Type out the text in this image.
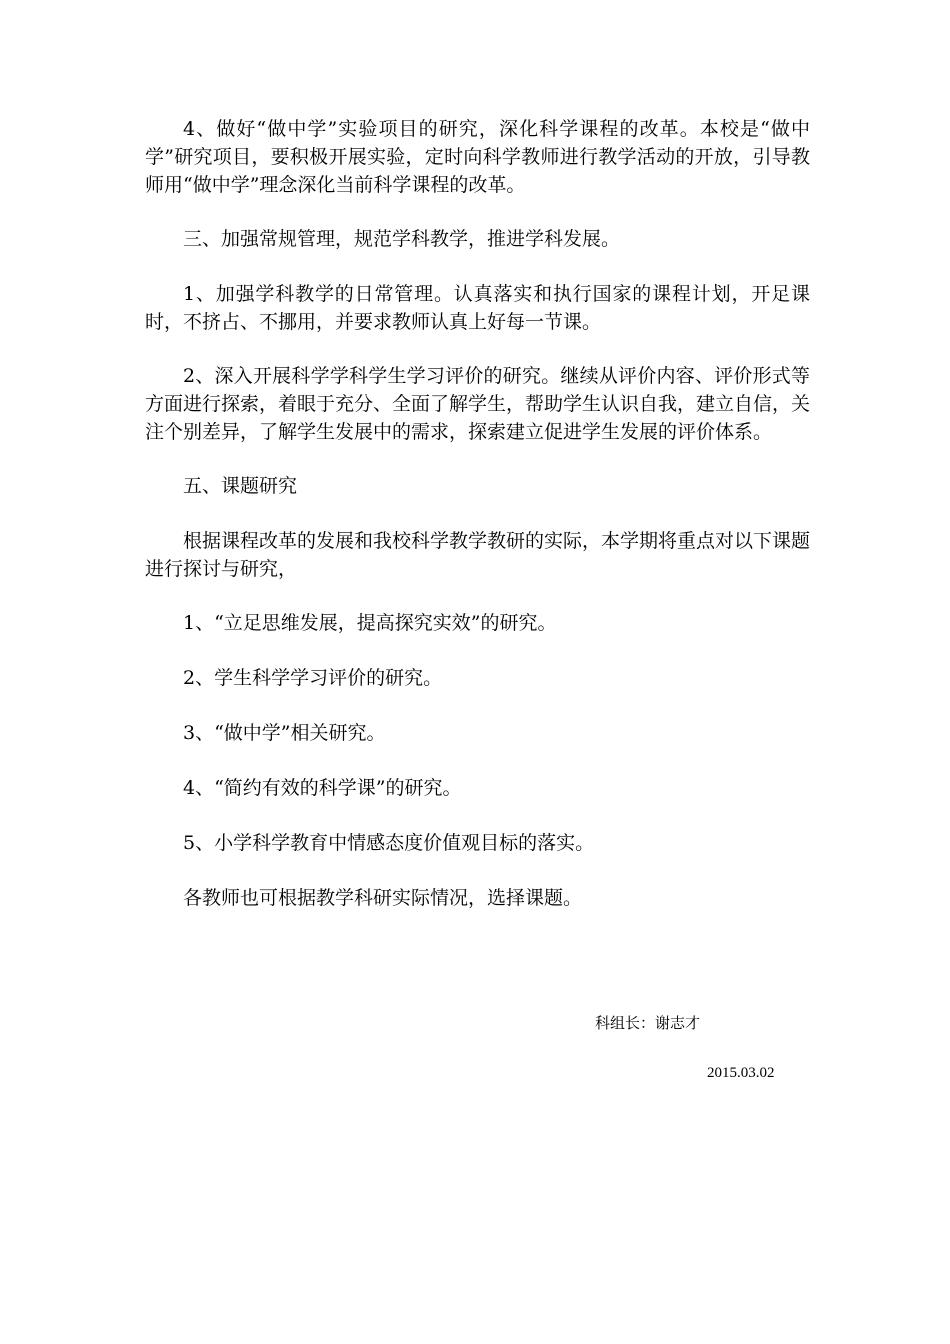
4、做好“做中学”实验项目的研究，深化科学课程的改革。本校是“做中学”研究项目，要积极开展实验，定时向科学教师进行教学活动的开放，引导教师用“做中学”理念深化当前科学课程的改革。

三、加强常规管理，规范学科教学，推进学科发展。

1、加强学科教学的日常管理。认真落实和执行国家的课程计划，开足课时，不挤占、不挪用，并要求教师认真上好每一节课。

2、深入开展科学学科学生学习评价的研究。继续从评价内容、评价形式等方面进行探索，着眼于充分、全面了解学生，帮助学生认识自我，建立自信，关注个别差异，了解学生发展中的需求，探索建立促进学生发展的评价体系。

五、课题研究

根据课程改革的发展和我校科学教学教研的实际，本学期将重点对以下课题进行探讨与研究，

1、“立足思维发展，提高探究实效”的研究。

2、学生科学学习评价的研究。

3、“做中学”相关研究。

4、“简约有效的科学课”的研究。

5、小学科学教育中情感态度价值观目标的落实。

各教师也可根据教学科研实际情况，选择课题。

科组长：谢志才
2015.03.02
